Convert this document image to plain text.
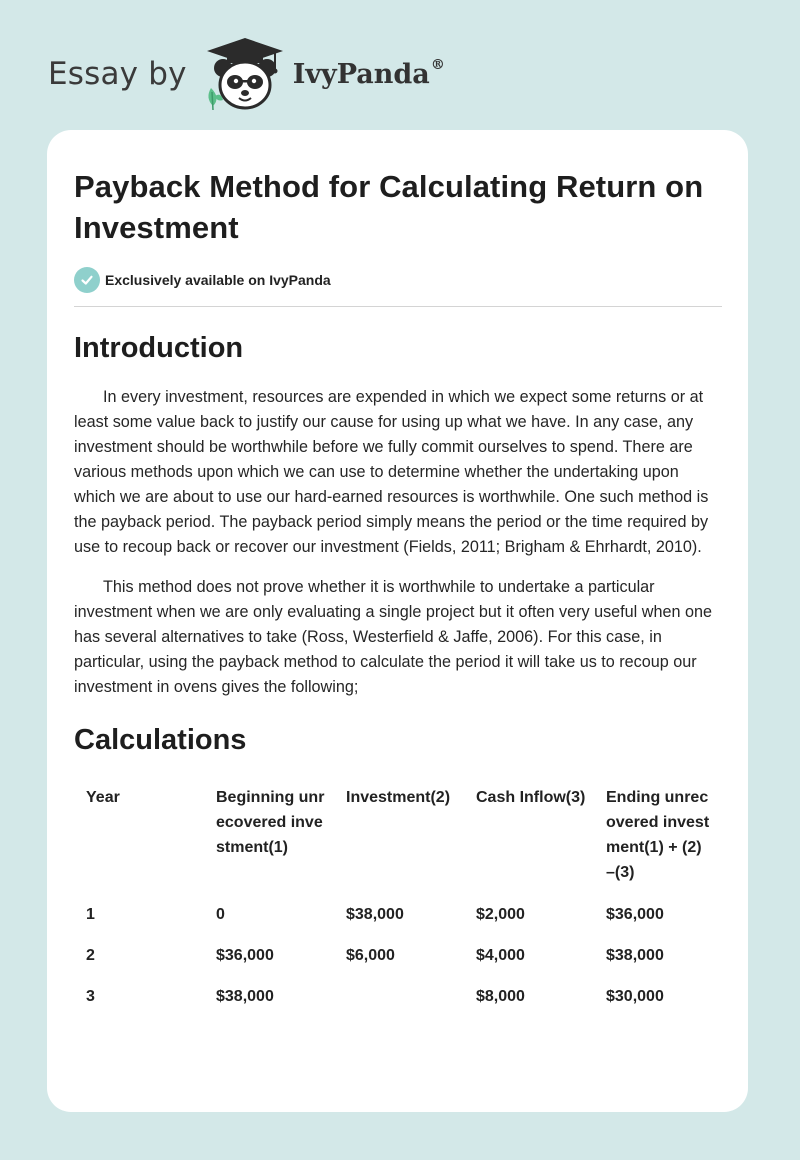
Essay by	IvyPanda®
Payback Method for Calculating Return on Investment
Exclusively available on IvyPanda
Introduction

In every investment, resources are expended in which we expect some returns or at least some value back to justify our cause for using up what we have. In any case, any investment should be worthwhile before we fully commit ourselves to spend. There are various methods upon which we can use to determine whether the undertaking upon which we are about to use our hard-earned resources is worthwhile. One such method is the payback period. The payback period simply means the period or the time required by use to recoup back or recover our investment (Fields, 2011; Brigham & Ehrhardt, 2010).

This method does not prove whether it is worthwhile to undertake a particular investment when we are only evaluating a single project but it often very useful when one has several alternatives to take (Ross, Westerfield & Jaffe, 2006). For this case, in particular, using the payback method to calculate the period it will take us to recoup our investment in ovens gives the following;

Calculations
Year	Beginning unrecovered investment(1)	Investment(2)	Cash Inflow(3)	Ending unrecovered investment(1) + (2) –(3)
1	0	$38,000	$2,000	$36,000
2	$36,000	$6,000	$4,000	$38,000
3	$38,000		$8,000	$30,000
